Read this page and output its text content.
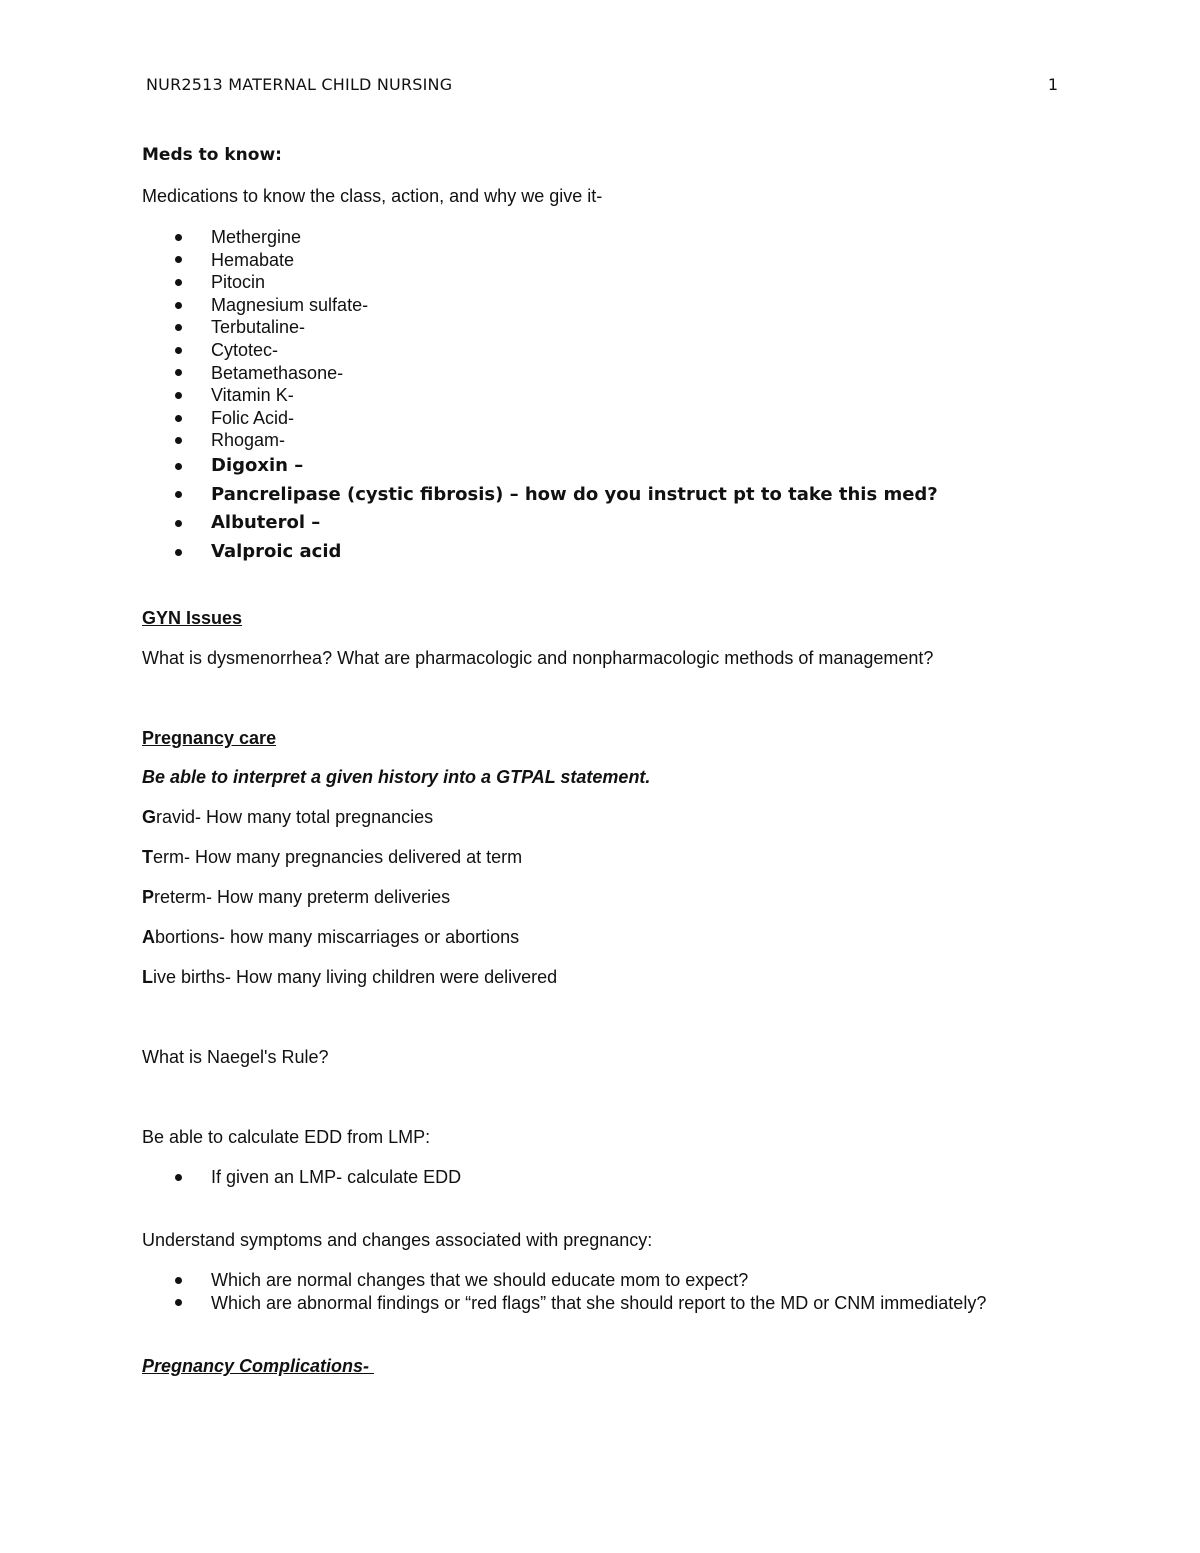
NUR2513 MATERNAL CHILD NURSING	1
Meds to know:
Medications to know the class, action, and why we give it-
Methergine
Hemabate
Pitocin
Magnesium sulfate-
Terbutaline-
Cytotec-
Betamethasone-
Vitamin K-
Folic Acid-
Rhogam-
Digoxin –
Pancrelipase (cystic fibrosis) – how do you instruct pt to take this med?
Albuterol –
Valproic acid
GYN Issues
What is dysmenorrhea? What are pharmacologic and nonpharmacologic methods of management?
Pregnancy care
Be able to interpret a given history into a GTPAL statement.
Gravid- How many total pregnancies
Term- How many pregnancies delivered at term
Preterm- How many preterm deliveries
Abortions- how many miscarriages or abortions
Live births- How many living children were delivered
What is Naegel's Rule?
Be able to calculate EDD from LMP:
If given an LMP- calculate EDD
Understand symptoms and changes associated with pregnancy:
Which are normal changes that we should educate mom to expect?
Which are abnormal findings or “red flags” that she should report to the MD or CNM immediately?
Pregnancy Complications-
